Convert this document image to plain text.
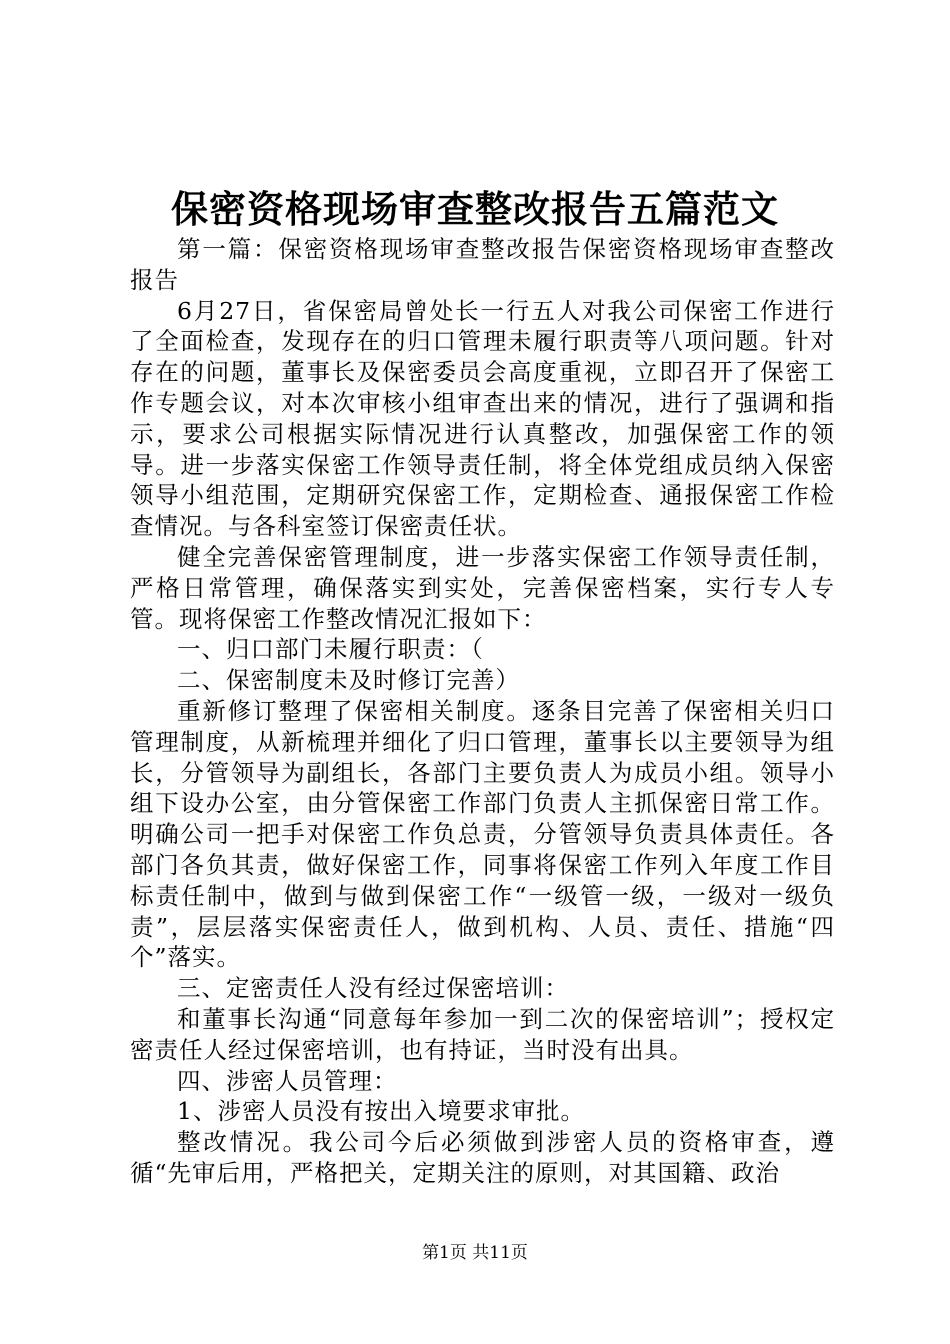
保密资格现场审查整改报告五篇范文

第一篇：保密资格现场审查整改报告保密资格现场审查整改报告

6月27日，省保密局曾处长一行五人对我公司保密工作进行了全面检查，发现存在的归口管理未履行职责等八项问题。针对存在的问题，董事长及保密委员会高度重视，立即召开了保密工作专题会议，对本次审核小组审查出来的情况，进行了强调和指示，要求公司根据实际情况进行认真整改，加强保密工作的领导。进一步落实保密工作领导责任制，将全体党组成员纳入保密领导小组范围，定期研究保密工作，定期检查、通报保密工作检查情况。与各科室签订保密责任状。

健全完善保密管理制度，进一步落实保密工作领导责任制，严格日常管理，确保落实到实处，完善保密档案，实行专人专管。现将保密工作整改情况汇报如下：

一、归口部门未履行职责：（

二、保密制度未及时修订完善）

重新修订整理了保密相关制度。逐条目完善了保密相关归口管理制度，从新梳理并细化了归口管理，董事长以主要领导为组长，分管领导为副组长，各部门主要负责人为成员小组。领导小组下设办公室，由分管保密工作部门负责人主抓保密日常工作。明确公司一把手对保密工作负总责，分管领导负责具体责任。各部门各负其责，做好保密工作，同事将保密工作列入年度工作目标责任制中，做到与做到保密工作“一级管一级，一级对一级负责”，层层落实保密责任人，做到机构、人员、责任、措施“四个”落实。

三、定密责任人没有经过保密培训：

和董事长沟通“同意每年参加一到二次的保密培训”；授权定密责任人经过保密培训，也有持证，当时没有出具。

四、涉密人员管理：

1、涉密人员没有按出入境要求审批。

整改情况。我公司今后必须做到涉密人员的资格审查，遵循“先审后用，严格把关，定期关注的原则，对其国籍、政治

第1页 共11页
